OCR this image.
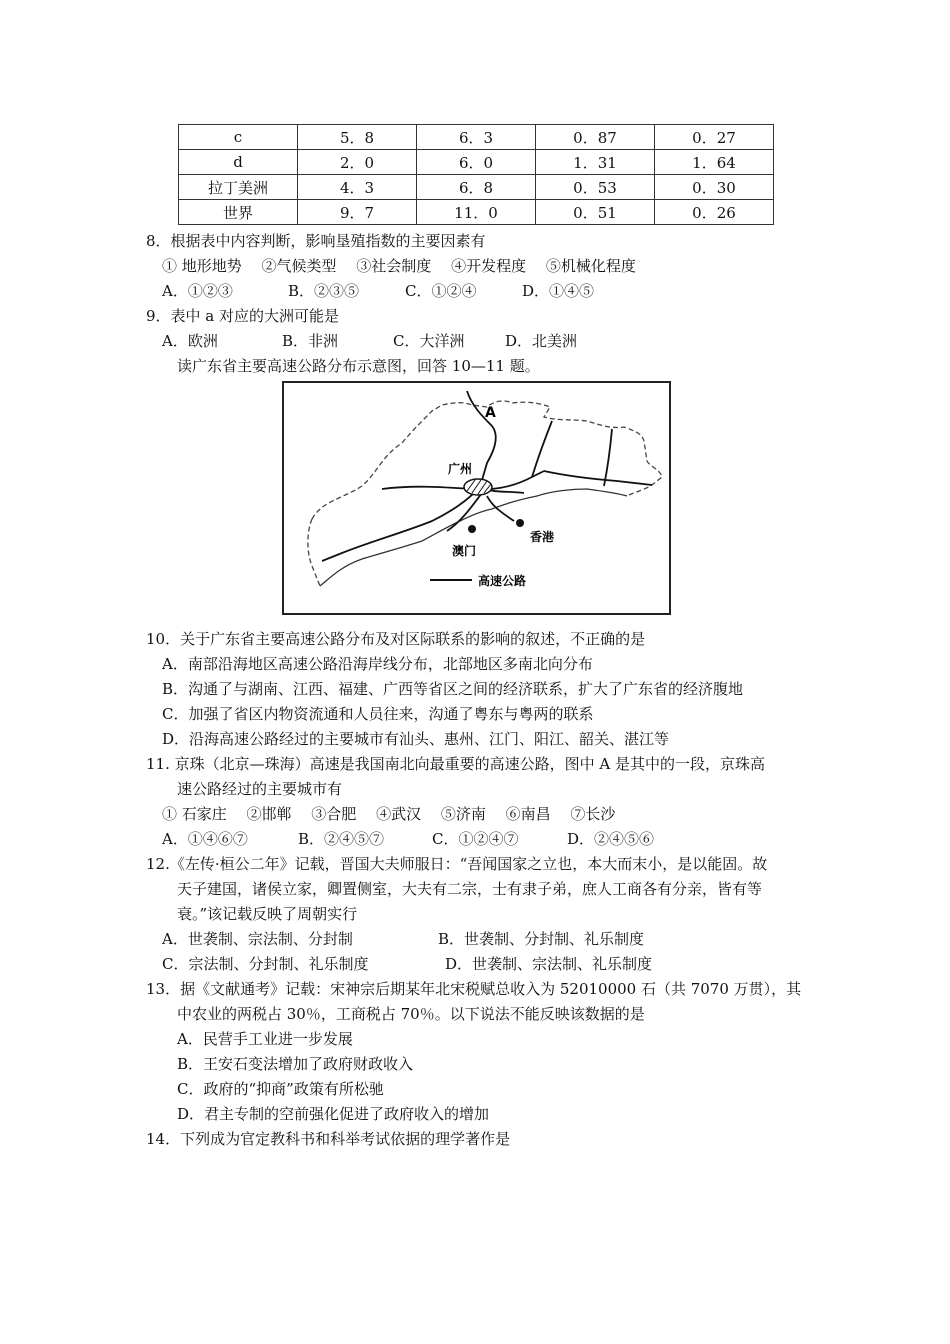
c	5．8	6．3	0．87	0．27
d	2．0	6．0	1．31	1．64
拉丁美洲	4．3	6．8	0．53	0．30
世界	9．7	11．0	0．51	0．26
8．根据表中内容判断，影响垦殖指数的主要因素有
① 地形地势　 ②气候类型　 ③社会制度　 ④开发程度　 ⑤机械化程度
A．①②③	B．②③⑤	C．①②④	D．①④⑤
9．表中 a 对应的大洲可能是
A．欧洲	B．非洲	C．大洋洲	D．北美洲
读广东省主要高速公路分布示意图，回答 10—11 题。
A
广州
香港
澳门
高速公路
10．关于广东省主要高速公路分布及对区际联系的影响的叙述，不正确的是
A．南部沿海地区高速公路沿海岸线分布，北部地区多南北向分布
B．沟通了与湖南、江西、福建、广西等省区之间的经济联系，扩大了广东省的经济腹地
C．加强了省区内物资流通和人员往来，沟通了粤东与粤两的联系
D．沿海高速公路经过的主要城市有汕头、惠州、江门、阳江、韶关、湛江等
11. 京珠（北京—珠海）高速是我国南北向最重要的高速公路，图中 A 是其中的一段，京珠高
速公路经过的主要城市有
① 石家庄　 ②邯郸　 ③合肥　 ④武汉　 ⑤济南　 ⑥南昌　 ⑦长沙
A．①④⑥⑦	B．②④⑤⑦	C．①②④⑦	D．②④⑤⑥
12.《左传·桓公二年》记载，晋国大夫师服日：“吾闻国家之立也，本大而末小，是以能固。故
天子建国，诸侯立家，卿置侧室，大夫有二宗，士有隶子弟，庶人工商各有分亲，皆有等
衰。”该记载反映了周朝实行
A．世袭制、宗法制、分封制	B．世袭制、分封制、礼乐制度
C．宗法制、分封制、礼乐制度	D．世袭制、宗法制、礼乐制度
13．据《文献通考》记载：宋神宗后期某年北宋税赋总收入为 52010000 石（共 7070 万贯），其
中农业的两税占 30％，工商税占 70％。以下说法不能反映该数据的是
A．民营手工业进一步发展
B．王安石变法增加了政府财政收入
C．政府的“抑商”政策有所松驰
D．君主专制的空前强化促进了政府收入的增加
14．下列成为官定教科书和科举考试依据的理学著作是
